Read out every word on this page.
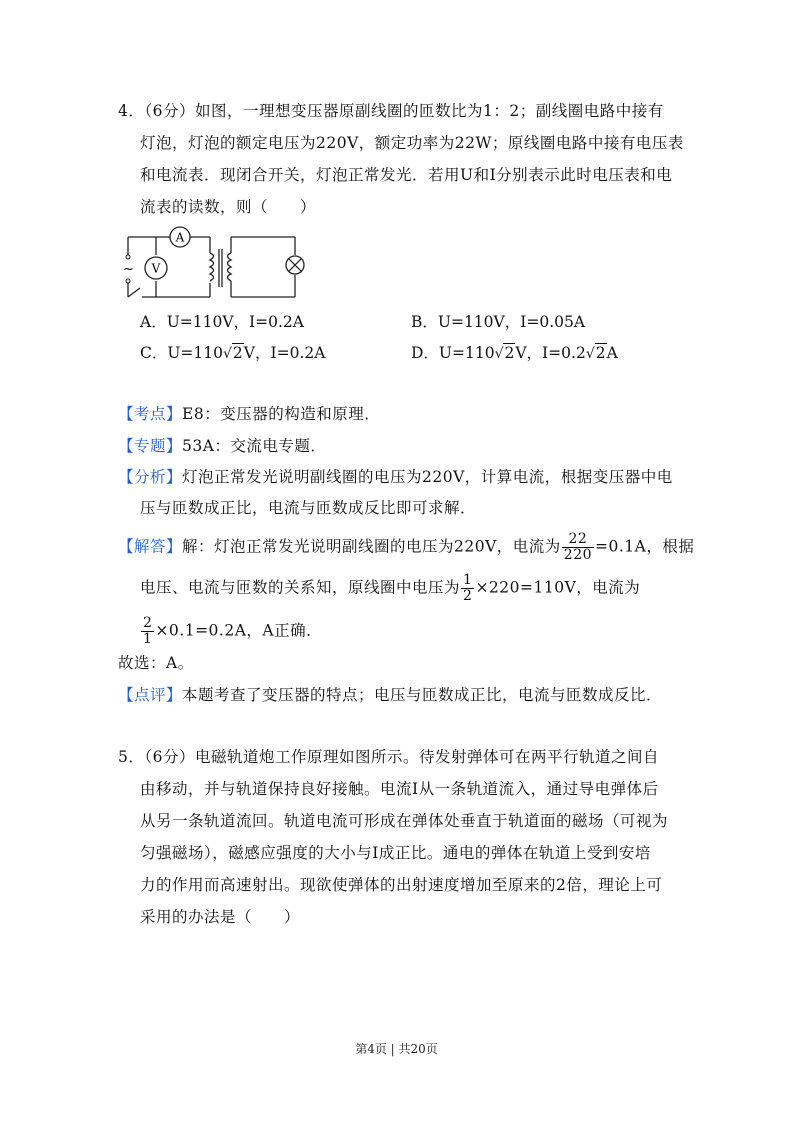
4．（6分）如图，一理想变压器原副线圈的匝数比为1：2；副线圈电路中接有
灯泡，灯泡的额定电压为220V，额定功率为22W；原线圈电路中接有电压表
和电流表．现闭合开关，灯泡正常发光．若用U和I分别表示此时电压表和电
流表的读数，则（　　）
A
V
~
A．U=110V，I=0.2A	B．U=110V，I=0.05A
C．U=110√2V，I=0.2A	D．U=110√2V，I=0.2√2A
【考点】E8：变压器的构造和原理．
【专题】53A：交流电专题．
【分析】灯泡正常发光说明副线圈的电压为220V，计算电流，根据变压器中电
压与匝数成正比，电流与匝数成反比即可求解．
【解答】解：灯泡正常发光说明副线圈的电压为220V，电流为 $\frac{22}{220} =0.1A$，根据
电压、电流与匝数的关系知，原线圈中电压为 $\frac{1}{2} \times 220=110V$，电流为
$\frac{2}{1} \times 0.1=0.2A$，A正确．
故选：A。
【点评】本题考查了变压器的特点；电压与匝数成正比，电流与匝数成反比．
5．（6分）电磁轨道炮工作原理如图所示。待发射弹体可在两平行轨道之间自
由移动，并与轨道保持良好接触。电流I从一条轨道流入，通过导电弹体后
从另一条轨道流回。轨道电流可形成在弹体处垂直于轨道面的磁场（可视为
匀强磁场），磁感应强度的大小与I成正比。通电的弹体在轨道上受到安培
力的作用而高速射出。现欲使弹体的出射速度增加至原来的2倍，理论上可
采用的办法是（　　）
第4页 | 共20页
